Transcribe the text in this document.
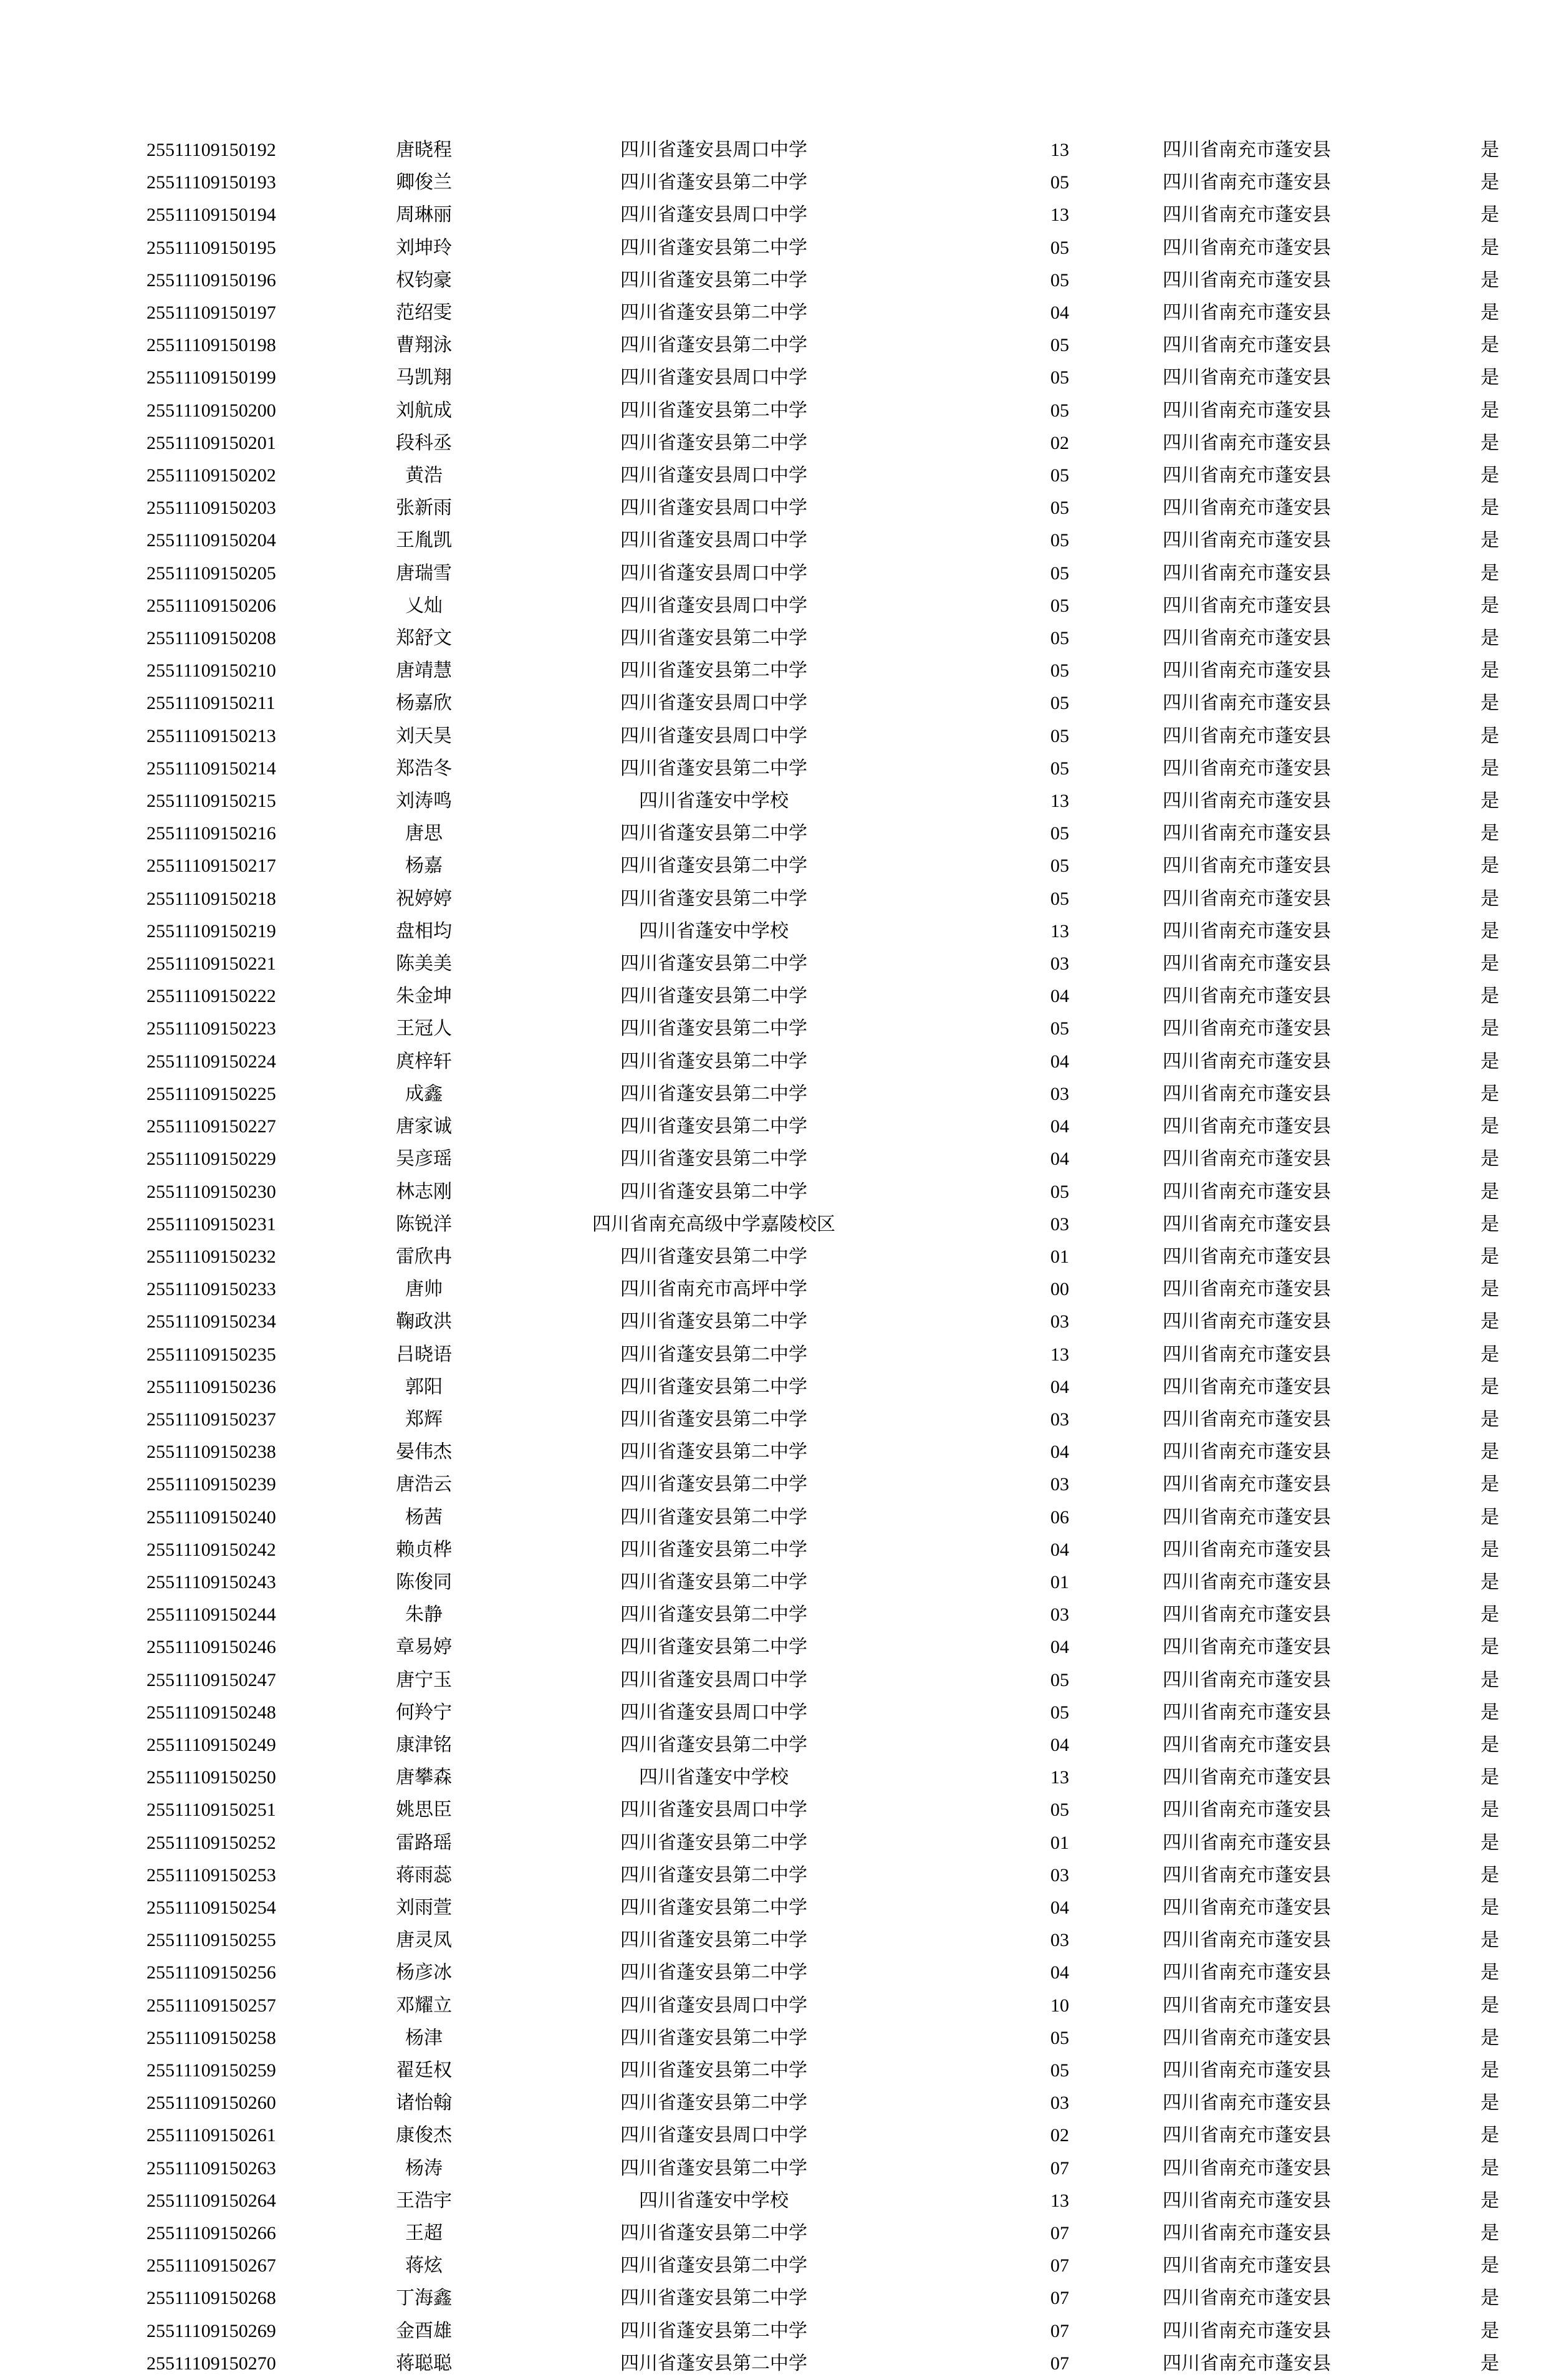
25511109150192	唐晓程	四川省蓬安县周口中学		13	四川省南充市蓬安县	是
25511109150193	卿俊兰	四川省蓬安县第二中学		05	四川省南充市蓬安县	是
25511109150194	周琳丽	四川省蓬安县周口中学		13	四川省南充市蓬安县	是
25511109150195	刘坤玲	四川省蓬安县第二中学		05	四川省南充市蓬安县	是
25511109150196	权钧豪	四川省蓬安县第二中学		05	四川省南充市蓬安县	是
25511109150197	范绍雯	四川省蓬安县第二中学		04	四川省南充市蓬安县	是
25511109150198	曹翔泳	四川省蓬安县第二中学		05	四川省南充市蓬安县	是
25511109150199	马凯翔	四川省蓬安县周口中学		05	四川省南充市蓬安县	是
25511109150200	刘航成	四川省蓬安县第二中学		05	四川省南充市蓬安县	是
25511109150201	段科丞	四川省蓬安县第二中学		02	四川省南充市蓬安县	是
25511109150202	黄浩	四川省蓬安县周口中学		05	四川省南充市蓬安县	是
25511109150203	张新雨	四川省蓬安县周口中学		05	四川省南充市蓬安县	是
25511109150204	王胤凯	四川省蓬安县周口中学		05	四川省南充市蓬安县	是
25511109150205	唐瑞雪	四川省蓬安县周口中学		05	四川省南充市蓬安县	是
25511109150206	乂灿	四川省蓬安县周口中学		05	四川省南充市蓬安县	是
25511109150208	郑舒文	四川省蓬安县第二中学		05	四川省南充市蓬安县	是
25511109150210	唐靖慧	四川省蓬安县第二中学		05	四川省南充市蓬安县	是
25511109150211	杨嘉欣	四川省蓬安县周口中学		05	四川省南充市蓬安县	是
25511109150213	刘天昊	四川省蓬安县周口中学		05	四川省南充市蓬安县	是
25511109150214	郑浩冬	四川省蓬安县第二中学		05	四川省南充市蓬安县	是
25511109150215	刘涛鸣	四川省蓬安中学校		13	四川省南充市蓬安县	是
25511109150216	唐思	四川省蓬安县第二中学		05	四川省南充市蓬安县	是
25511109150217	杨嘉	四川省蓬安县第二中学		05	四川省南充市蓬安县	是
25511109150218	祝婷婷	四川省蓬安县第二中学		05	四川省南充市蓬安县	是
25511109150219	盘相均	四川省蓬安中学校		13	四川省南充市蓬安县	是
25511109150221	陈美美	四川省蓬安县第二中学		03	四川省南充市蓬安县	是
25511109150222	朱金坤	四川省蓬安县第二中学		04	四川省南充市蓬安县	是
25511109150223	王冠人	四川省蓬安县第二中学		05	四川省南充市蓬安县	是
25511109150224	庹梓轩	四川省蓬安县第二中学		04	四川省南充市蓬安县	是
25511109150225	成鑫	四川省蓬安县第二中学		03	四川省南充市蓬安县	是
25511109150227	唐家诚	四川省蓬安县第二中学		04	四川省南充市蓬安县	是
25511109150229	吴彦瑶	四川省蓬安县第二中学		04	四川省南充市蓬安县	是
25511109150230	林志刚	四川省蓬安县第二中学		05	四川省南充市蓬安县	是
25511109150231	陈锐洋	四川省南充高级中学嘉陵校区		03	四川省南充市蓬安县	是
25511109150232	雷欣冉	四川省蓬安县第二中学		01	四川省南充市蓬安县	是
25511109150233	唐帅	四川省南充市高坪中学		00	四川省南充市蓬安县	是
25511109150234	鞠政洪	四川省蓬安县第二中学		03	四川省南充市蓬安县	是
25511109150235	吕晓语	四川省蓬安县第二中学		13	四川省南充市蓬安县	是
25511109150236	郭阳	四川省蓬安县第二中学		04	四川省南充市蓬安县	是
25511109150237	郑辉	四川省蓬安县第二中学		03	四川省南充市蓬安县	是
25511109150238	晏伟杰	四川省蓬安县第二中学		04	四川省南充市蓬安县	是
25511109150239	唐浩云	四川省蓬安县第二中学		03	四川省南充市蓬安县	是
25511109150240	杨茜	四川省蓬安县第二中学		06	四川省南充市蓬安县	是
25511109150242	赖贞桦	四川省蓬安县第二中学		04	四川省南充市蓬安县	是
25511109150243	陈俊同	四川省蓬安县第二中学		01	四川省南充市蓬安县	是
25511109150244	朱静	四川省蓬安县第二中学		03	四川省南充市蓬安县	是
25511109150246	章易婷	四川省蓬安县第二中学		04	四川省南充市蓬安县	是
25511109150247	唐宁玉	四川省蓬安县周口中学		05	四川省南充市蓬安县	是
25511109150248	何羚宁	四川省蓬安县周口中学		05	四川省南充市蓬安县	是
25511109150249	康津铭	四川省蓬安县第二中学		04	四川省南充市蓬安县	是
25511109150250	唐攀森	四川省蓬安中学校		13	四川省南充市蓬安县	是
25511109150251	姚思臣	四川省蓬安县周口中学		05	四川省南充市蓬安县	是
25511109150252	雷路瑶	四川省蓬安县第二中学		01	四川省南充市蓬安县	是
25511109150253	蒋雨蕊	四川省蓬安县第二中学		03	四川省南充市蓬安县	是
25511109150254	刘雨萱	四川省蓬安县第二中学		04	四川省南充市蓬安县	是
25511109150255	唐灵凤	四川省蓬安县第二中学		03	四川省南充市蓬安县	是
25511109150256	杨彦冰	四川省蓬安县第二中学		04	四川省南充市蓬安县	是
25511109150257	邓耀立	四川省蓬安县周口中学		10	四川省南充市蓬安县	是
25511109150258	杨津	四川省蓬安县第二中学		05	四川省南充市蓬安县	是
25511109150259	翟廷权	四川省蓬安县第二中学		05	四川省南充市蓬安县	是
25511109150260	诸怡翰	四川省蓬安县第二中学		03	四川省南充市蓬安县	是
25511109150261	康俊杰	四川省蓬安县周口中学		02	四川省南充市蓬安县	是
25511109150263	杨涛	四川省蓬安县第二中学		07	四川省南充市蓬安县	是
25511109150264	王浩宇	四川省蓬安中学校		13	四川省南充市蓬安县	是
25511109150266	王超	四川省蓬安县第二中学		07	四川省南充市蓬安县	是
25511109150267	蒋炫	四川省蓬安县第二中学		07	四川省南充市蓬安县	是
25511109150268	丁海鑫	四川省蓬安县第二中学		07	四川省南充市蓬安县	是
25511109150269	金酉雄	四川省蓬安县第二中学		07	四川省南充市蓬安县	是
25511109150270	蒋聪聪	四川省蓬安县第二中学		07	四川省南充市蓬安县	是
